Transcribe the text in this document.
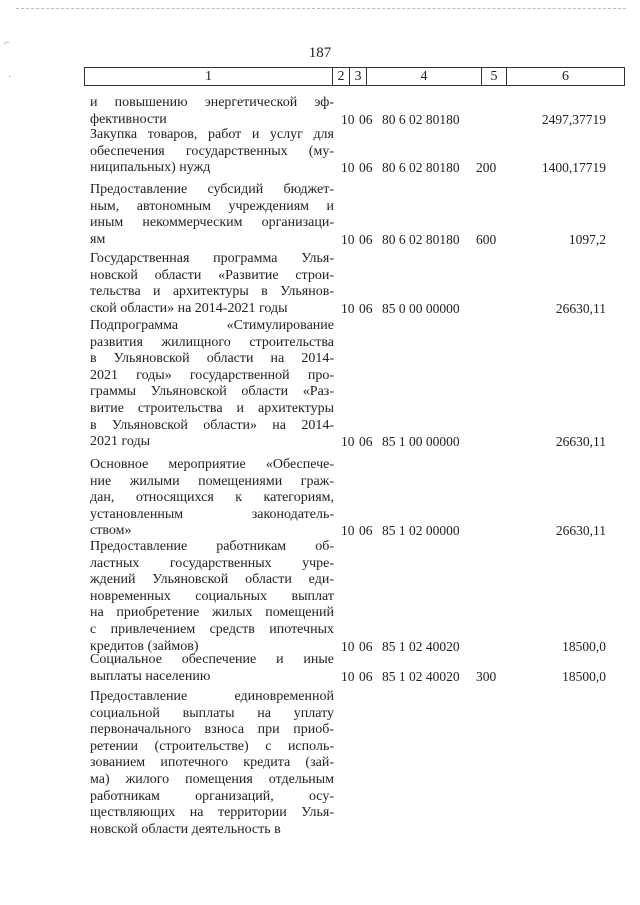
⌐
·
187
1	2 3	4	5	6
и повышению энергетической эф-
фективности	10 06 80 6 02 80180	2497,37719
Закупка товаров, работ и услуг для
обеспечения государственных (му-
ниципальных) нужд	10 06 80 6 02 80180 200	1400,17719
Предоставление субсидий бюджет-
ным, автономным учреждениям и
иным некоммерческим организаци-
ям	10 06 80 6 02 80180 600	1097,2
Государственная программа Улья-
новской области «Развитие строи-
тельства и архитектуры в Ульянов-
ской области» на 2014-2021 годы	10 06 85 0 00 00000	26630,11
Подпрограмма «Стимулирование
развития жилищного строительства
в Ульяновской области на 2014-
2021 годы» государственной про-
граммы Ульяновской области «Раз-
витие строительства и архитектуры
в Ульяновской области» на 2014-
2021 годы	10 06 85 1 00 00000	26630,11
Основное мероприятие «Обеспече-
ние жилыми помещениями граж-
дан, относящихся к категориям,
установленным законодатель-
ством»	10 06 85 1 02 00000	26630,11
Предоставление работникам об-
ластных государственных учре-
ждений Ульяновской области еди-
новременных социальных выплат
на приобретение жилых помещений
с привлечением средств ипотечных
кредитов (займов)	10 06 85 1 02 40020	18500,0
Социальное обеспечение и иные
выплаты населению	10 06 85 1 02 40020 300	18500,0
Предоставление единовременной
социальной выплаты на уплату
первоначального взноса при приоб-
ретении (строительстве) с исполь-
зованием ипотечного кредита (зай-
ма) жилого помещения отдельным
работникам организаций, осу-
ществляющих на территории Улья-
новской области деятельность в
